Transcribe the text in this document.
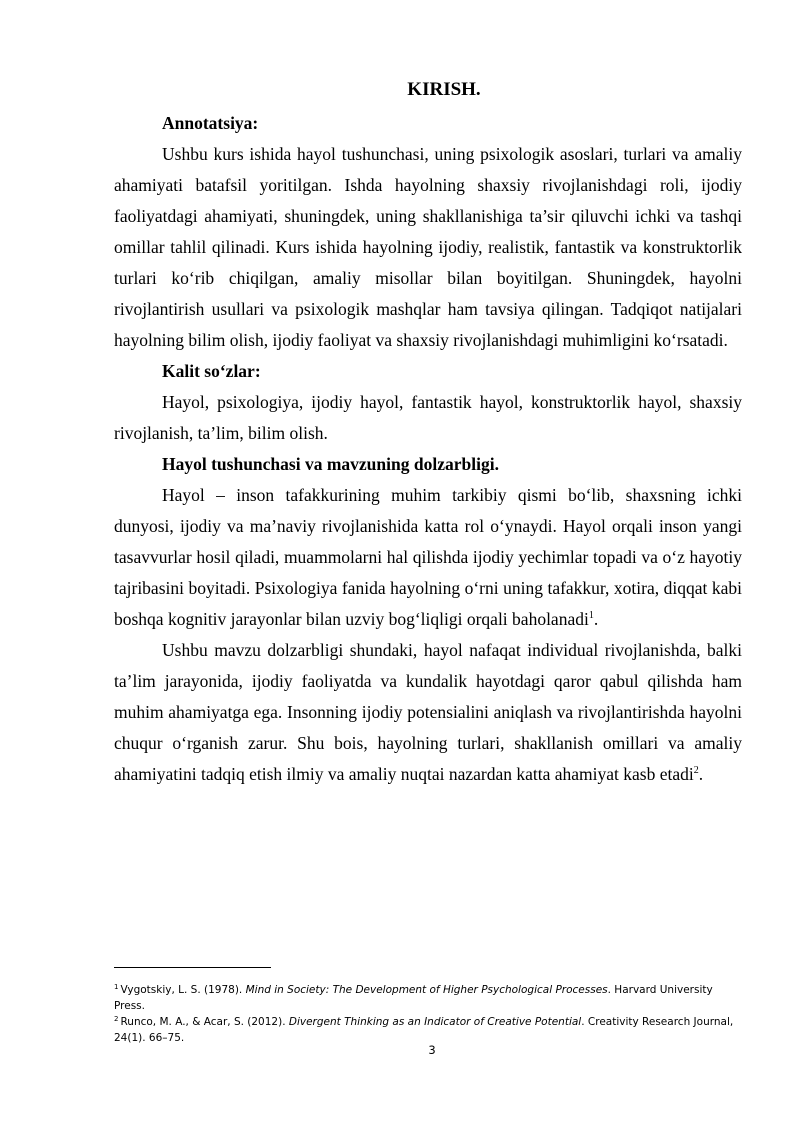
KIRISH.

Annotatsiya:

Ushbu kurs ishida hayol tushunchasi, uning psixologik asoslari, turlari va amaliy ahamiyati batafsil yoritilgan. Ishda hayolning shaxsiy rivojlanishdagi roli, ijodiy faoliyatdagi ahamiyati, shuningdek, uning shakllanishiga ta’sir qiluvchi ichki va tashqi omillar tahlil qilinadi. Kurs ishida hayolning ijodiy, realistik, fantastik va konstruktorlik turlari ko‘rib chiqilgan, amaliy misollar bilan boyitilgan. Shuningdek, hayolni rivojlantirish usullari va psixologik mashqlar ham tavsiya qilingan. Tadqiqot natijalari hayolning bilim olish, ijodiy faoliyat va shaxsiy rivojlanishdagi muhimligini ko‘rsatadi.

Kalit so‘zlar:

Hayol, psixologiya, ijodiy hayol, fantastik hayol, konstruktorlik hayol, shaxsiy rivojlanish, ta’lim, bilim olish.

Hayol tushunchasi va mavzuning dolzarbligi.

Hayol – inson tafakkurining muhim tarkibiy qismi bo‘lib, shaxsning ichki dunyosi, ijodiy va ma’naviy rivojlanishida katta rol o‘ynaydi. Hayol orqali inson yangi tasavvurlar hosil qiladi, muammolarni hal qilishda ijodiy yechimlar topadi va o‘z hayotiy tajribasini boyitadi. Psixologiya fanida hayolning o‘rni uning tafakkur, xotira, diqqat kabi boshqa kognitiv jarayonlar bilan uzviy bog‘liqligi orqali baholanadi$^1$.

Ushbu mavzu dolzarbligi shundaki, hayol nafaqat individual rivojlanishda, balki ta’lim jarayonida, ijodiy faoliyatda va kundalik hayotdagi qaror qabul qilishda ham muhim ahamiyatga ega. Insonning ijodiy potensialini aniqlash va rivojlantirishda hayolni chuqur o‘rganish zarur. Shu bois, hayolning turlari, shakllanish omillari va amaliy ahamiyatini tadqiq etish ilmiy va amaliy nuqtai nazardan katta ahamiyat kasb etadi$^2$.

$^1$ Vygotskiy, L. S. (1978). Mind in Society: The Development of Higher Psychological Processes. Harvard University Press.

$^2$ Runco, M. A., & Acar, S. (2012). Divergent Thinking as an Indicator of Creative Potential. Creativity Research Journal, 24(1). 66–75.

3
